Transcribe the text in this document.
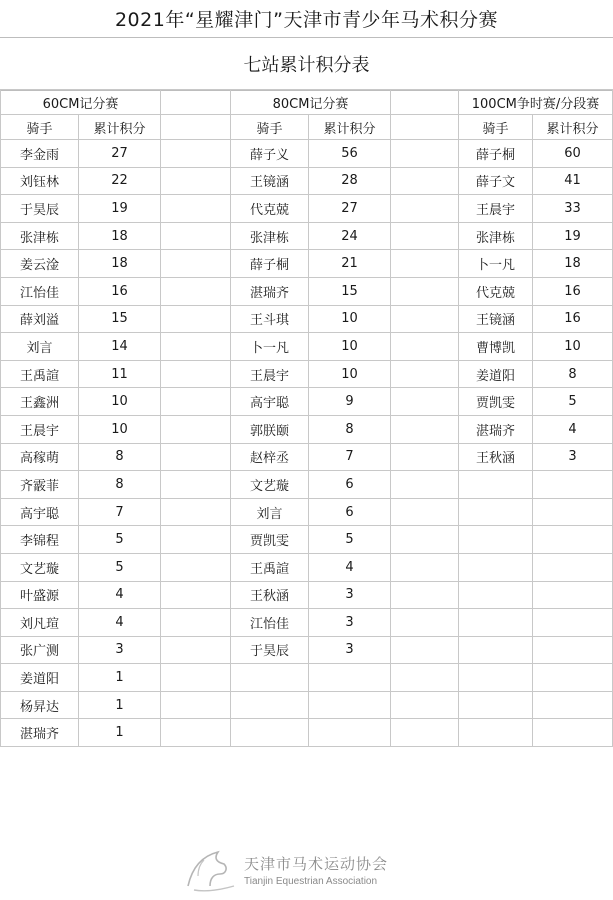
2021年“星耀津门”天津市青少年马术积分赛
七站累计积分表
60CM记分赛			80CM记分赛			100CM争时赛/分段赛	
骑手	累计积分		骑手	累计积分		骑手	累计积分
李金雨	27		薛子义	56		薛子桐	60
刘钰林	22		王镜涵	28		薛子文	41
于昊辰	19		代克兢	27		王晨宇	33
张津栋	18		张津栋	24		张津栋	19
姜云淦	18		薛子桐	21		卜一凡	18
江怡佳	16		湛瑞齐	15		代克兢	16
薛刘溢	15		王斗琪	10		王镜涵	16
刘言	14		卜一凡	10		曹博凯	10
王禹諠	11		王晨宇	10		姜道阳	8
王鑫洲	10		高宇聪	9		贾凯雯	5
王晨宇	10		郭朕颐	8		湛瑞齐	4
高稼萌	8		赵梓丞	7		王秋涵	3
齐霰菲	8		文艺璇	6			
高宇聪	7		刘言	6			
李锦程	5		贾凯雯	5			
文艺璇	5		王禹諠	4			
叶盛源	4		王秋涵	3			
刘凡瑄	4		江怡佳	3			
张广测	3		于昊辰	3			
姜道阳	1						
杨昇达	1						
湛瑞齐	1						
天津市马术运动协会
Tianjin Equestrian Association
